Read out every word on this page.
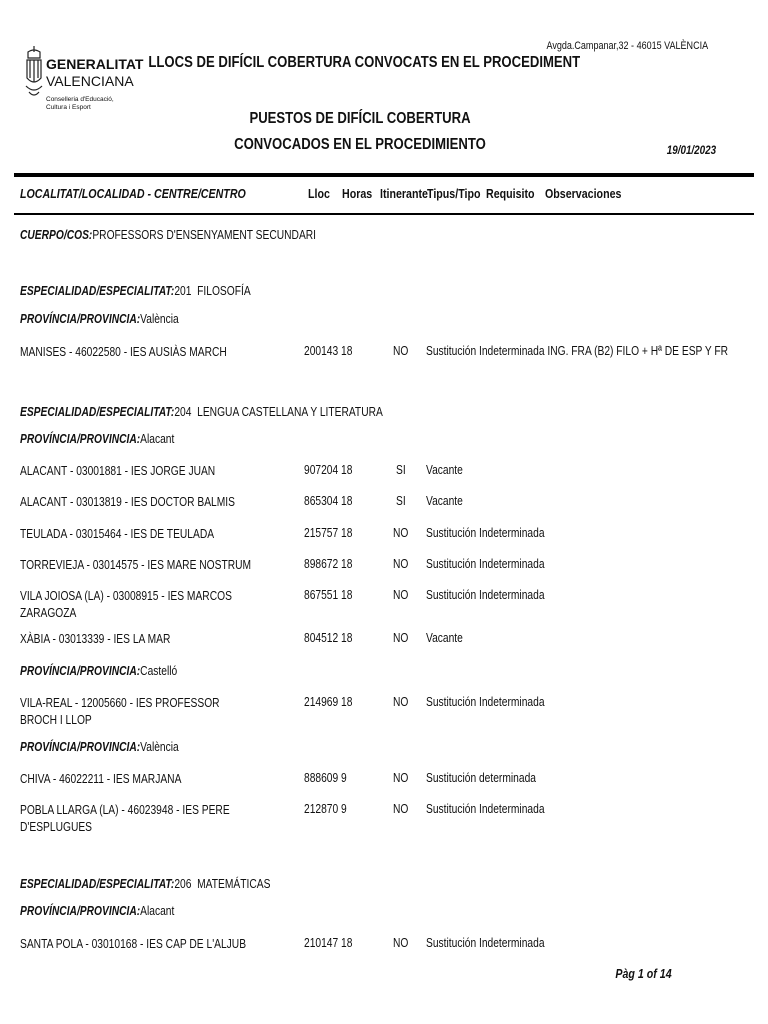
GENERALITAT
VALENCIANA
Conselleria d'Educació, Cultura i Esport
Avgda.Campanar,32 - 46015 VALÈNCIA
LLOCS DE DIFÍCIL COBERTURA CONVOCATS EN EL PROCEDIMENT
PUESTOS DE DIFÍCIL COBERTURA CONVOCADOS EN EL PROCEDIMIENTO	19/01/2023
LOCALITAT/LOCALIDAD - CENTRE/CENTRO	Lloc Horas Itinerante Tipus/Tipo Requisito Observaciones
CUERPO/COS:PROFESSORS D'ENSENYAMENT SECUNDARI
ESPECIALIDAD/ESPECIALITAT:201 FILOSOFÍA
PROVÍNCIA/PROVINCIA:València
MANISES - 46022580 - IES AUSIÀS MARCH	200143 18	NO Sustitución Indeterminada ING. FRA (B2) FILO + Hª DE ESP Y FR
ESPECIALIDAD/ESPECIALITAT:204 LENGUA CASTELLANA Y LITERATURA
PROVÍNCIA/PROVINCIA:Alacant
ALACANT - 03001881 - IES JORGE JUAN	907204 18	SI Vacante
ALACANT - 03013819 - IES DOCTOR BALMIS	865304 18	SI Vacante
TEULADA - 03015464 - IES DE TEULADA	215757 18	NO Sustitución Indeterminada
TORREVIEJA - 03014575 - IES MARE NOSTRUM	898672 18	NO Sustitución Indeterminada
VILA JOIOSA (LA) - 03008915 - IES MARCOS ZARAGOZA
867551 18	NO Sustitución Indeterminada
XÀBIA - 03013339 - IES LA MAR	804512 18	NO Vacante
PROVÍNCIA/PROVINCIA:Castelló
VILA-REAL - 12005660 - IES PROFESSOR BROCH I LLOP
214969 18	NO Sustitución Indeterminada
PROVÍNCIA/PROVINCIA:València
CHIVA - 46022211 - IES MARJANA	888609 9	NO Sustitución determinada
POBLA LLARGA (LA) - 46023948 - IES PERE D'ESPLUGUES
212870 9	NO Sustitución Indeterminada
ESPECIALIDAD/ESPECIALITAT:206 MATEMÁTICAS
PROVÍNCIA/PROVINCIA:Alacant
SANTA POLA - 03010168 - IES CAP DE L'ALJUB	210147 18	NO Sustitución Indeterminada
Pàg 1 of 14
